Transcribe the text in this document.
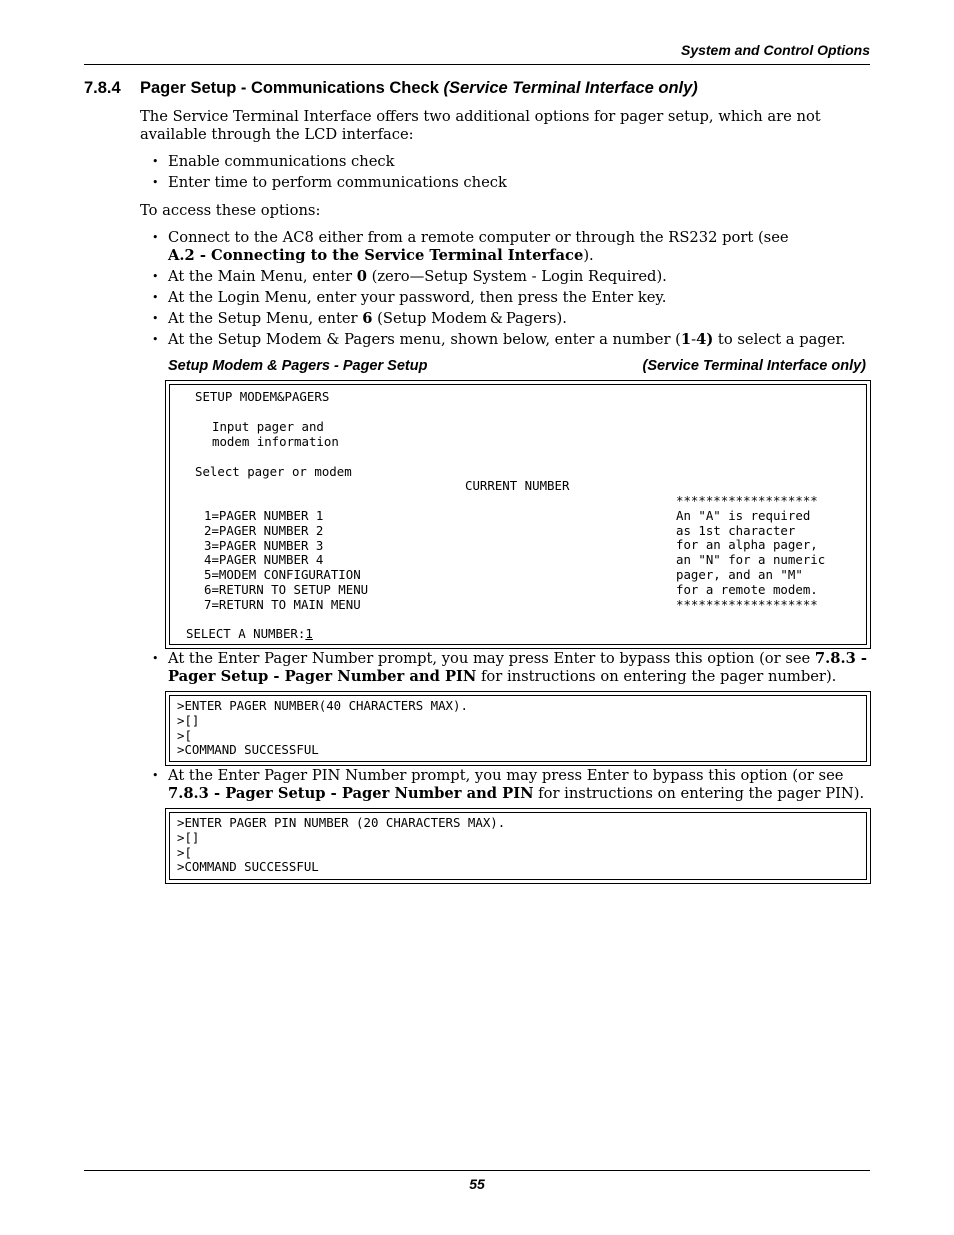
System and Control Options
7.8.4 Pager Setup - Communications Check (Service Terminal Interface only)
The Service Terminal Interface offers two additional options for pager setup, which are not available through the LCD interface:
• Enable communications check
• Enter time to perform communications check
To access these options:
• Connect to the AC8 either from a remote computer or through the RS232 port (see
A.2 - Connecting to the Service Terminal Interface).
• At the Main Menu, enter 0 (zero—Setup System - Login Required).
• At the Login Menu, enter your password, then press the Enter key.
• At the Setup Menu, enter 6 (Setup Modem & Pagers).
• At the Setup Modem & Pagers menu, shown below, enter a number (1-4) to select a pager.
Setup Modem & Pagers - Pager Setup	(Service Terminal Interface only)
SETUP MODEM&PAGERS
Input pager and
modem information
Select pager or modem
CURRENT NUMBER
1=PAGER NUMBER 1
2=PAGER NUMBER 2
3=PAGER NUMBER 3
4=PAGER NUMBER 4
5=MODEM CONFIGURATION
6=RETURN TO SETUP MENU
7=RETURN TO MAIN MENU
*******************
An "A" is required
as 1st character
for an alpha pager,
an "N" for a numeric
pager, and an "M"
for a remote modem.
*******************
SELECT A NUMBER:1
• At the Enter Pager Number prompt, you may press Enter to bypass this option (or see 7.8.3 - Pager Setup - Pager Number and PIN for instructions on entering the pager number).
>ENTER PAGER NUMBER(40 CHARACTERS MAX).
>[]
>[
>COMMAND SUCCESSFUL
• At the Enter Pager PIN Number prompt, you may press Enter to bypass this option (or see 7.8.3 - Pager Setup - Pager Number and PIN for instructions on entering the pager PIN).
>ENTER PAGER PIN NUMBER (20 CHARACTERS MAX).
>[]
>[
>COMMAND SUCCESSFUL
55
